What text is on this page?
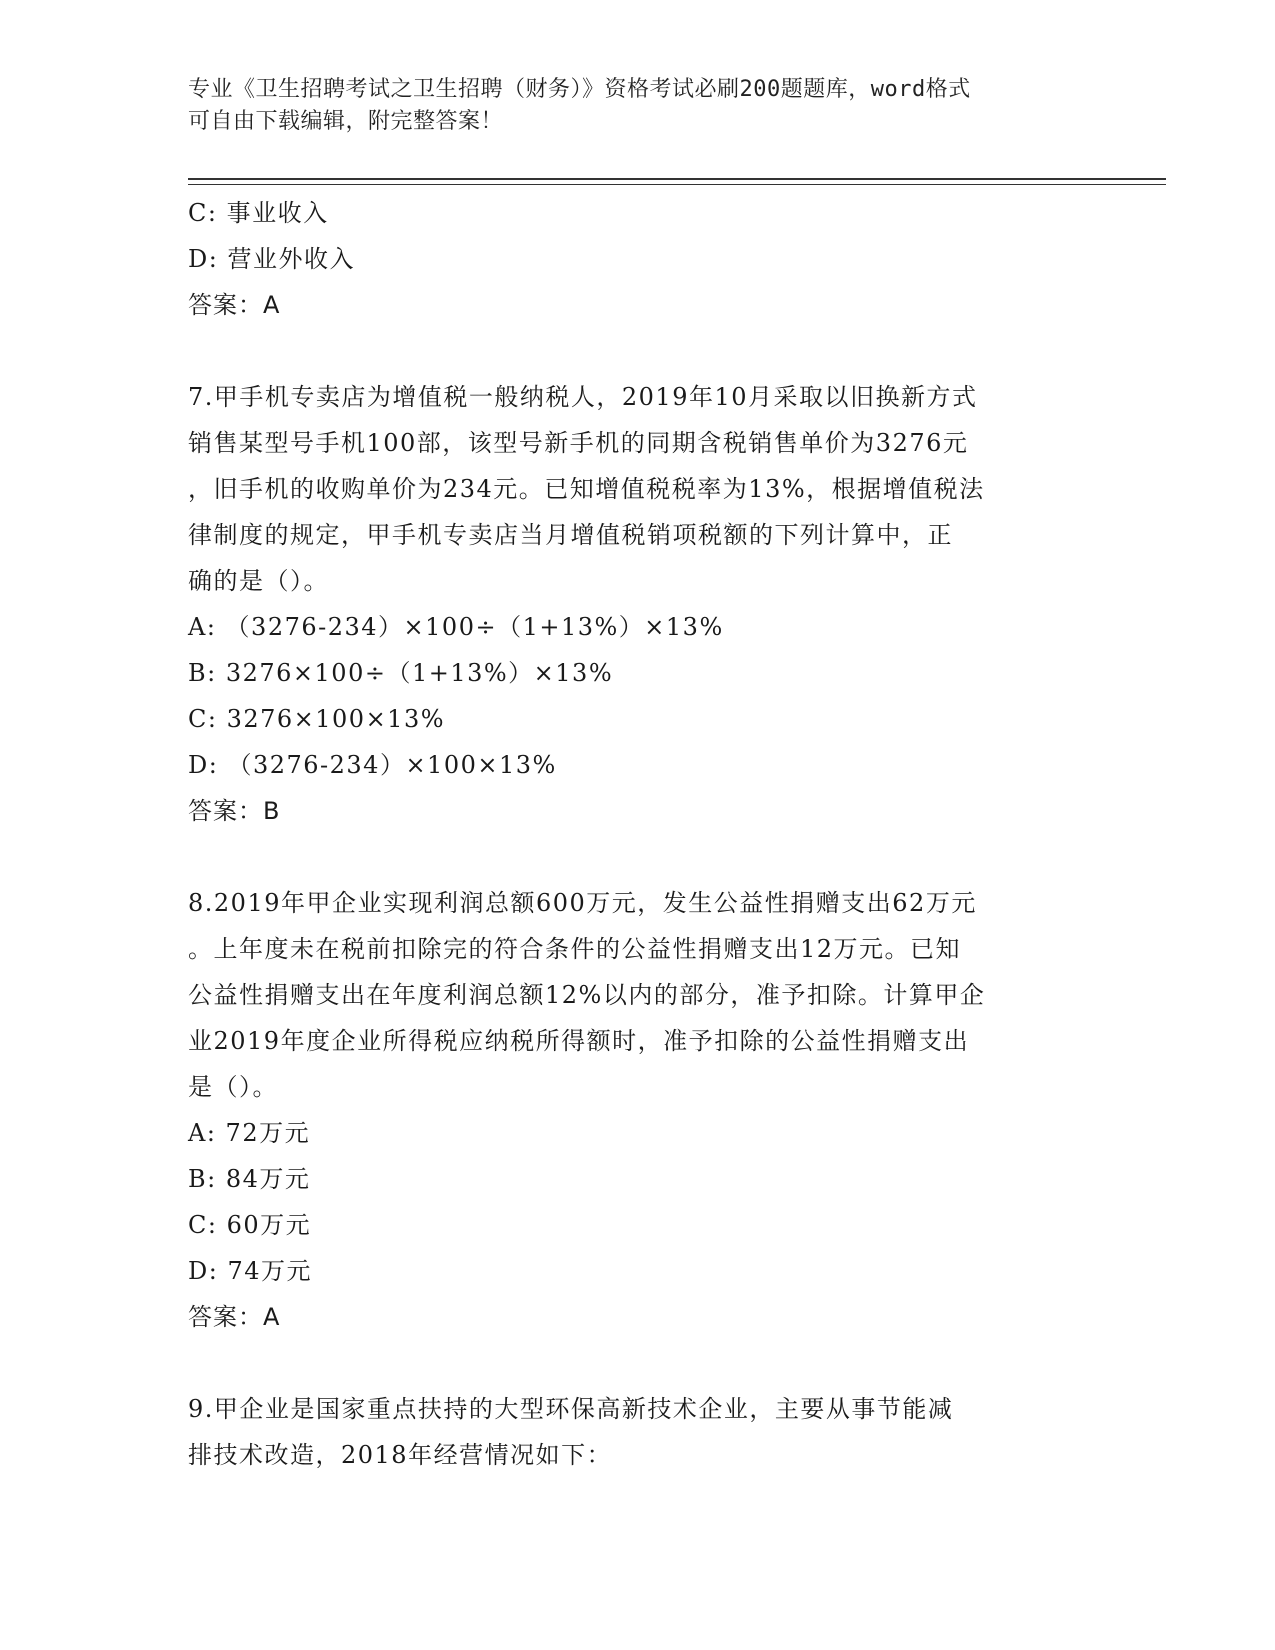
专业《卫生招聘考试之卫生招聘（财务）》资格考试必刷200题题库，word格式
可自由下载编辑，附完整答案！
C: 事业收入
D: 营业外收入
答案：A
7.甲手机专卖店为增值税一般纳税人，2019年10月采取以旧换新方式
销售某型号手机100部，该型号新手机的同期含税销售单价为3276元
，旧手机的收购单价为234元。已知增值税税率为13%，根据增值税法
律制度的规定，甲手机专卖店当月增值税销项税额的下列计算中，正
确的是（）。
A: （3276-234）×100÷（1+13%）×13%
B: 3276×100÷（1+13%）×13%
C: 3276×100×13%
D: （3276-234）×100×13%
答案：B
8.2019年甲企业实现利润总额600万元，发生公益性捐赠支出62万元
。上年度未在税前扣除完的符合条件的公益性捐赠支出12万元。已知
公益性捐赠支出在年度利润总额12%以内的部分，准予扣除。计算甲企
业2019年度企业所得税应纳税所得额时，准予扣除的公益性捐赠支出
是（）。
A: 72万元
B: 84万元
C: 60万元
D: 74万元
答案：A
9.甲企业是国家重点扶持的大型环保高新技术企业，主要从事节能减
排技术改造，2018年经营情况如下：
